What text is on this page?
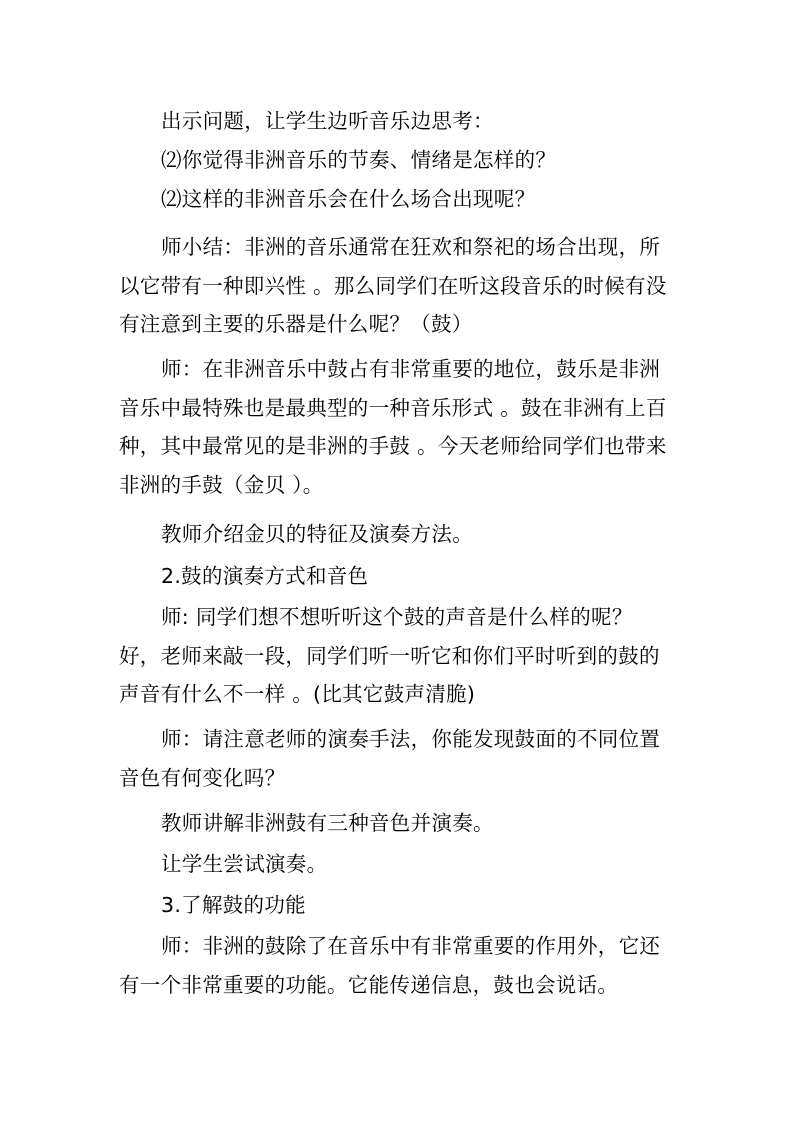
出示问题，让学生边听音乐边思考：

⑵你觉得非洲音乐的节奏、情绪是怎样的？

⑵这样的非洲音乐会在什么场合出现呢？

师小结：非洲的音乐通常在狂欢和祭祀的场合出现，所以它带有一种即兴性 。那么同学们在听这段音乐的时候有没有注意到主要的乐器是什么呢？（鼓）

师：在非洲音乐中鼓占有非常重要的地位，鼓乐是非洲音乐中最特殊也是最典型的一种音乐形式 。鼓在非洲有上百种，其中最常见的是非洲的手鼓 。今天老师给同学们也带来非洲的手鼓（金贝 ）。

教师介绍金贝的特征及演奏方法。

2.鼓的演奏方式和音色

师: 同学们想不想听听这个鼓的声音是什么样的呢？好，老师来敲一段，同学们听一听它和你们平时听到的鼓的声音有什么不一样 。(比其它鼓声清脆)

师：请注意老师的演奏手法，你能发现鼓面的不同位置音色有何变化吗？

教师讲解非洲鼓有三种音色并演奏。

让学生尝试演奏。

3.了解鼓的功能

师：非洲的鼓除了在音乐中有非常重要的作用外，它还有一个非常重要的功能。它能传递信息，鼓也会说话。
